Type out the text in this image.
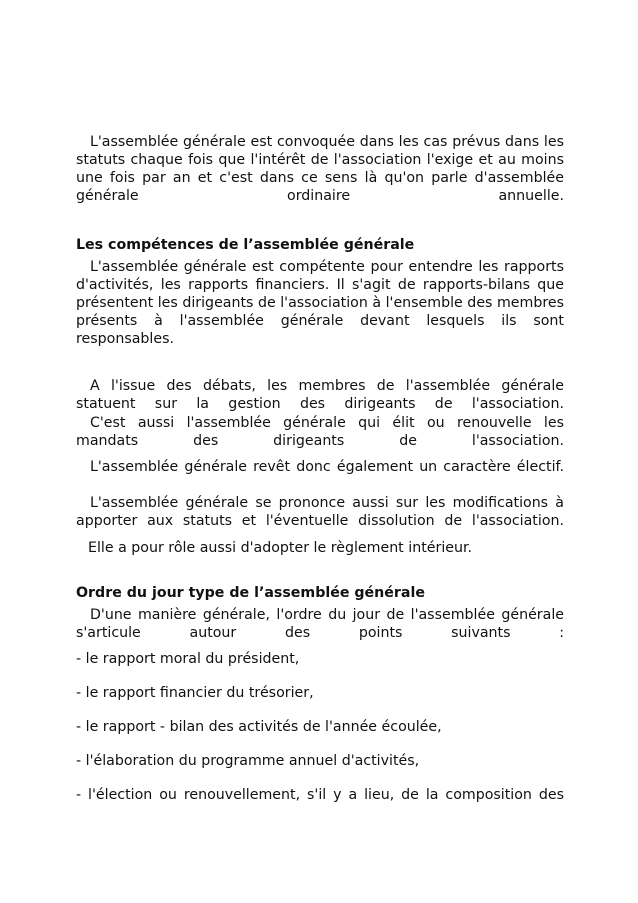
L'assemblée générale est convoquée dans les cas prévus dans les statuts chaque fois que l'intérêt de l'association l'exige et au moins une fois par an et c'est dans ce sens là qu'on parle d'assemblée générale ordinaire annuelle.

Les compétences de l’assemblée générale

L'assemblée générale est compétente pour entendre les rapports d'activités, les rapports financiers. Il s'agit de rapports-bilans que présentent les dirigeants de l'association à l'ensemble des membres présents à l'assemblée générale devant lesquels ils sont responsables.

A l'issue des débats, les membres de l'assemblée générale statuent sur la gestion des dirigeants de l'association.

C'est aussi l'assemblée générale qui élit ou renouvelle les mandats des dirigeants de l'association.

L'assemblée générale revêt donc également un caractère électif.

L'assemblée générale se prononce aussi sur les modifications à apporter aux statuts et l'éventuelle dissolution de l'association.

Elle a pour rôle aussi d'adopter le règlement intérieur.

Ordre du jour type de l’assemblée générale

D'une manière générale, l'ordre du jour de l'assemblée générale s'articule autour des points suivants :

- le rapport moral du président,
- le rapport financier du trésorier,
- le rapport - bilan des activités de l'année écoulée,
- l'élaboration du programme annuel d'activités,
- l'élection ou renouvellement, s'il y a lieu, de la composition des
